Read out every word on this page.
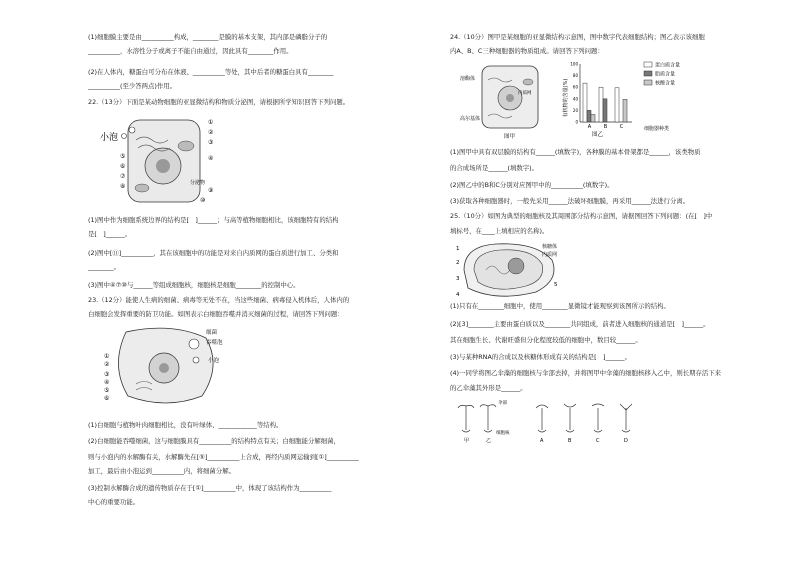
(1)细胞膜主要是由__________构成，________是膜的基本支架，其内部是磷脂分子的
__________，水溶性分子或离子不能自由通过，因此具有________作用。
(2)在人体内，糖蛋白可分布在体液、__________等处，其中后者的糖蛋白具有________
__________(至少答两点)作用。
22.（13分）下面是某动物细胞的亚显微结构和物质分泌图，请根据所学知识回答下列问题。
小泡
分泌物
⑤
⑥
⑦
⑧
①
②
③
④
⑨
⑩
(1)图中作为细胞系统边界的结构是[　]______；与高等植物细胞相比，该细胞特有的结构
是[　]______。
(2)图中[⑪]__________，其在该细胞中的功能是对来自内质网的蛋白质进行加工、分类和
________。
(3)图中④⑦⑩与______等组成细胞核，细胞核是细胞________的控制中心。
23.（12分）能使人生病的细菌、病毒等无处不在，当这些细菌、病毒侵入机体后，人体内的
白细胞会发挥重要的防卫功能。如图表示白细胞吞噬并消灭细菌的过程，请回答下列问题：
细菌
吞噬泡
小泡
①
②
③
④
⑤
⑥
(1)白细胞与植物叶肉细胞相比，没有叶绿体、____________等结构。
(2)白细胞能吞噬细菌，这与细胞膜具有__________的结构特点有关；白细胞能分解细菌，
则与小泡内的水解酶有关，水解酶先在[⑤]__________上合成，再经内质网运输到[①]__________
加工，最后由小泡运到__________内，将细菌分解。
(3)控制水解酶合成的遗传物质存在于[①]__________中，体现了该结构作为__________
中心的重要功能。
24.（10分）图甲是某细胞的亚显微结构示意图，图中数字代表细胞结构；图乙表示该细胞
内A、B、C三种细胞器的物质组成。请回答下列问题：
溶酶体
内质网
高尔基体
图甲
0
20
40
60
80
100
A	B	C
有机物的含量(%)
细胞器种类
图乙
蛋白质含量
脂质含量
核酸含量
(1)图甲中具有双层膜的结构有______(填数字)，各种膜的基本骨架都是______，该类物质
的合成场所是______(填数字)。
(2)图乙中的B和C分别对应图甲中的__________(填数字)。
(3)获取各种细胞器时，一般先采用______法破坏细胞膜，再采用______法进行分离。
25.（10分）如图为典型的细胞核及其周围部分结构示意图，请据图回答下列问题：(在[　]中
填标号，在____上填相应的名称)。
1
2
3
4
5
核糖体
内质网
(1)只有在________细胞中，使用________显微镜才能观察到该图所示的结构。
(2)[3]________主要由蛋白质以及________共同组成，前者进入细胞核的通道是[　]______。
其在细胞生长、代谢旺盛但分化程度较低的细胞中，数目较______。
(3)与某种RNA的合成以及核糖体形成有关的结构是[　]______。
(4)一同学将图乙伞藻的细胞核与伞部去掉，并将图甲中伞藻的细胞核移入乙中，则长期存活下来
的乙伞藻其外形是______。
伞部
细胞核
甲	乙	A	B	C	D
